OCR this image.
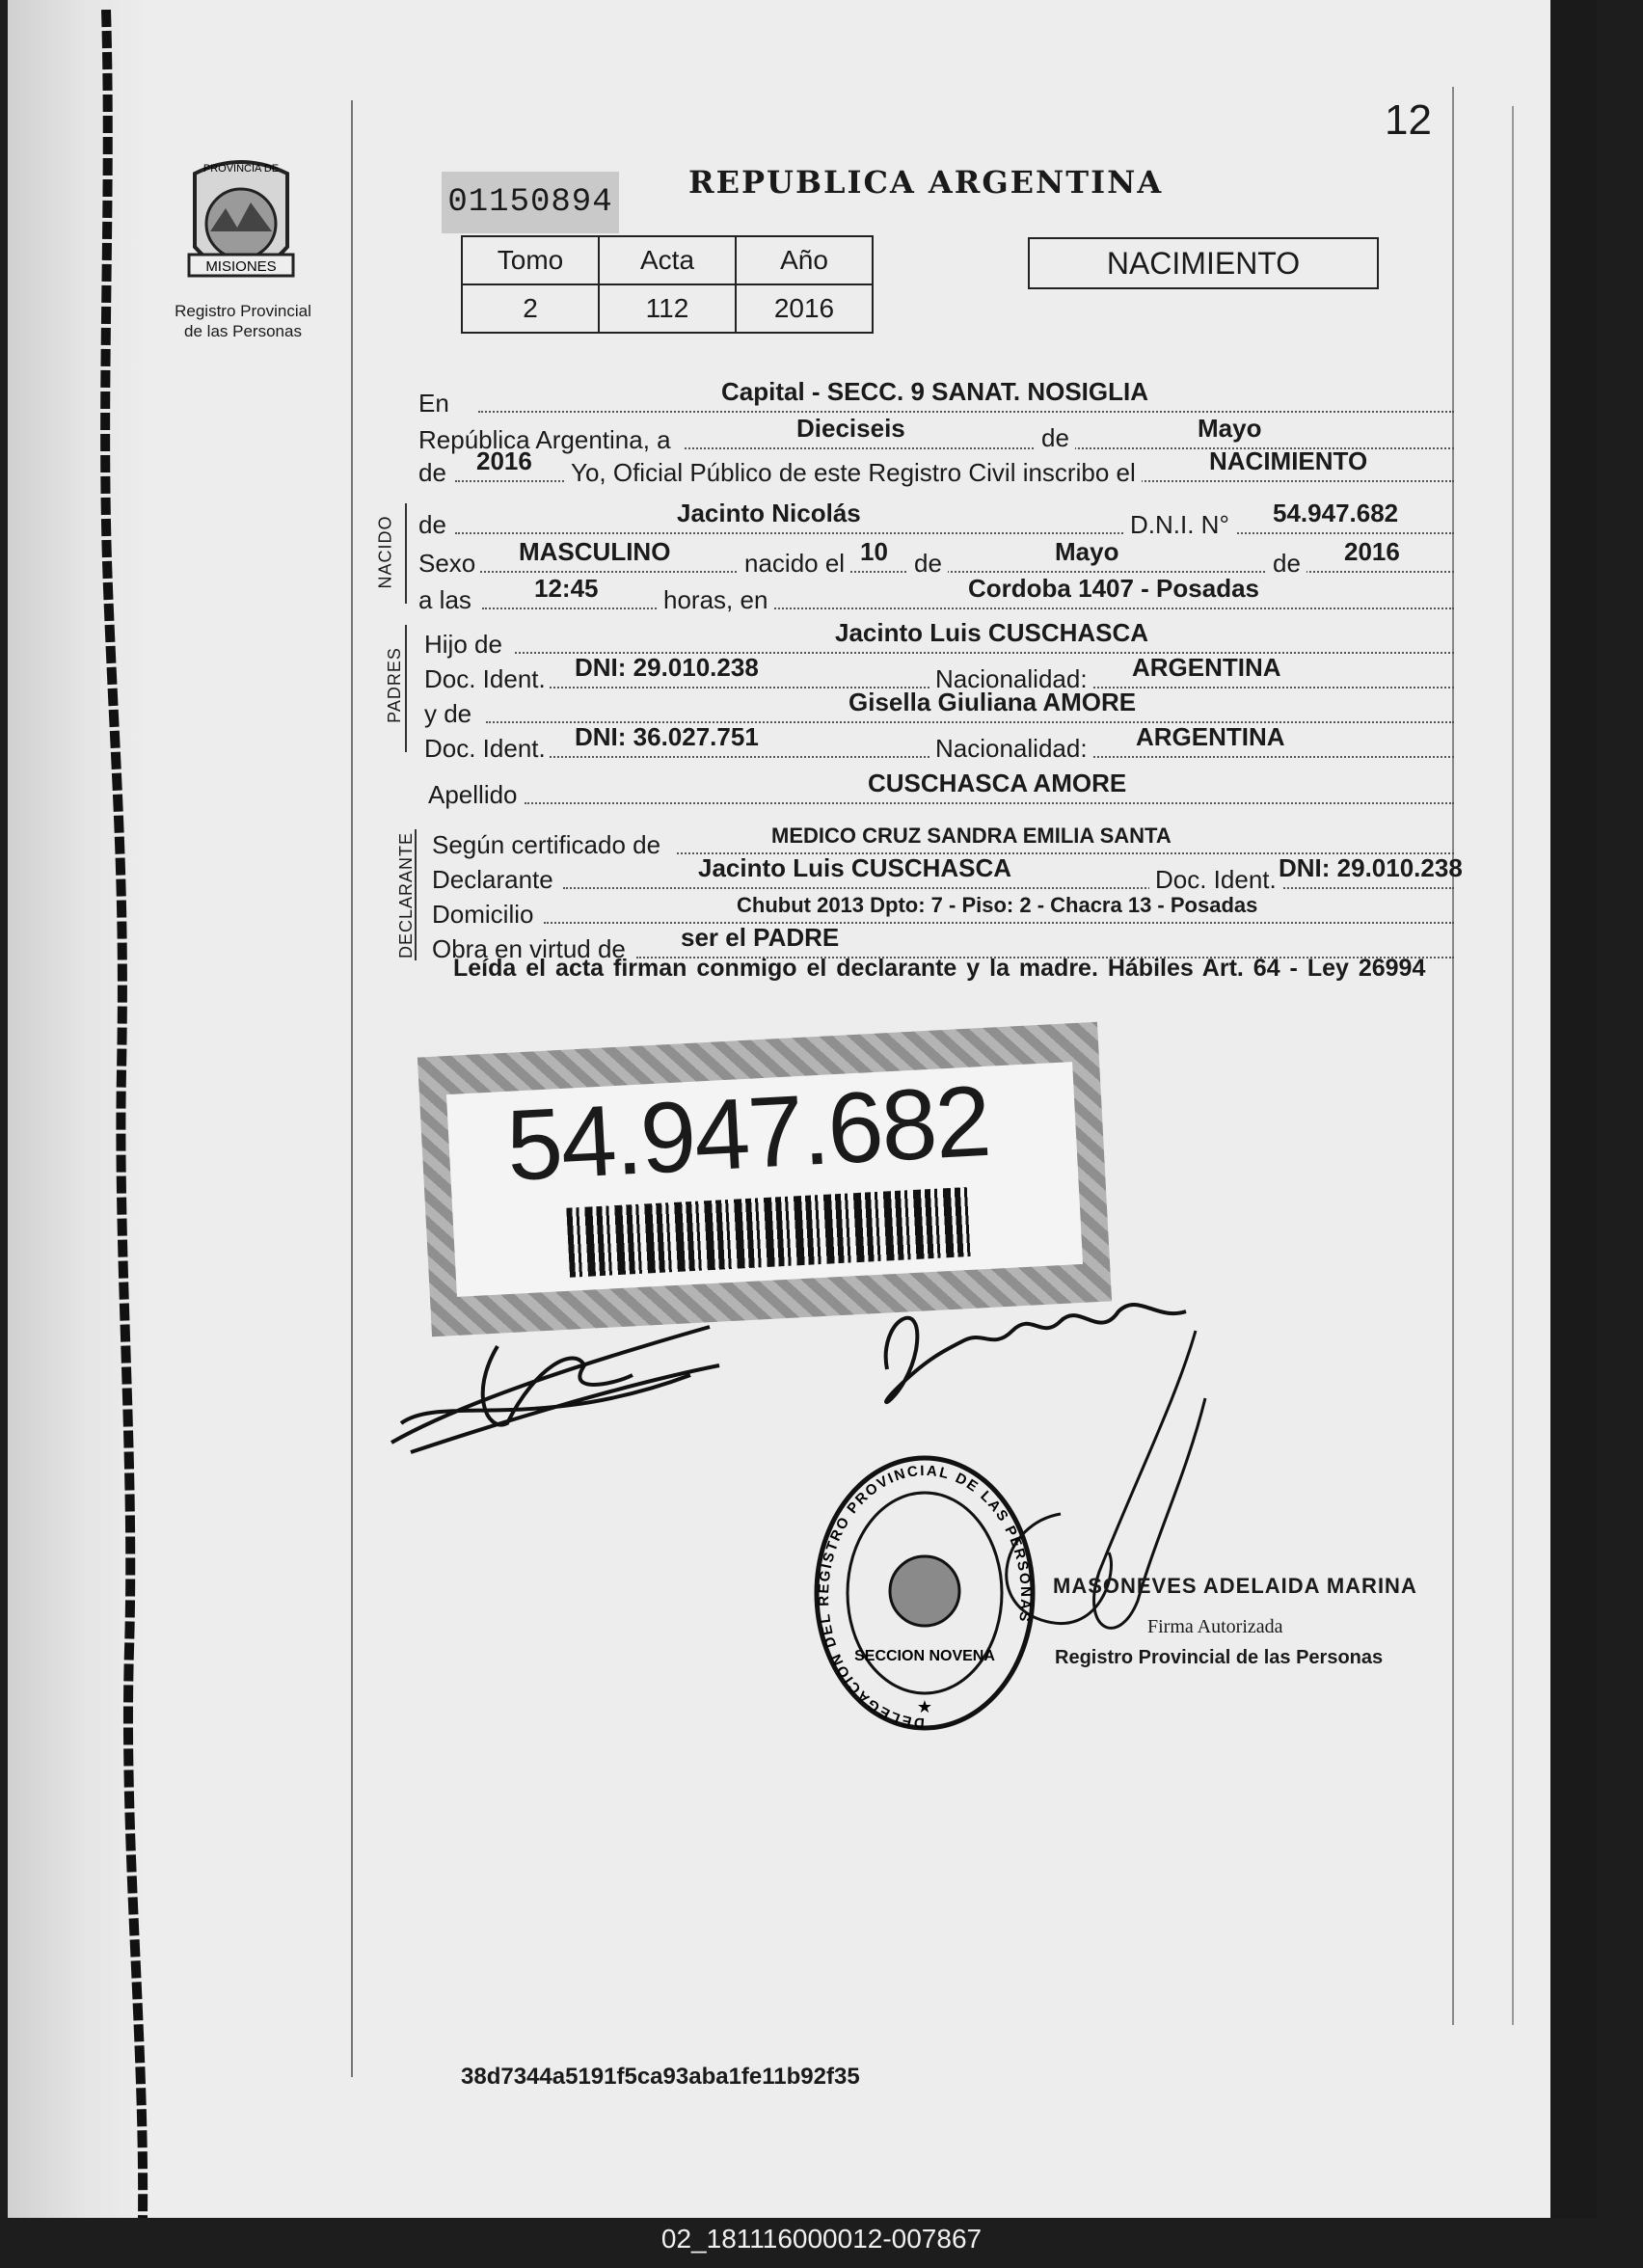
12
PROVINCIA DE
MISIONES
Registro Provincial
de las Personas
01150894
REPUBLICA ARGENTINA
Tomo	Acta	Año
2	112	2016
NACIMIENTO
En	Capital - SECC. 9 SANAT. NOSIGLIA
República Argentina, a	Dieciseis	de	Mayo
de 2016 Yo, Oficial Público de este Registro Civil inscribo el	NACIMIENTO
NACIDO de	Jacinto Nicolás	D.N.I. N° 54.947.682
Sexo MASCULINO	nacido el 10 de	Mayo	de 2016
a las	12:45	horas, en	Cordoba 1407 - Posadas
PADRES
Hijo de	Jacinto Luis CUSCHASCA
Doc. Ident. DNI: 29.010.238	Nacionalidad: ARGENTINA
y de	Gisella Giuliana AMORE
Doc. Ident. DNI: 36.027.751	Nacionalidad: ARGENTINA
Apellido	CUSCHASCA AMORE
DECLARANTE Según certificado de	MEDICO CRUZ SANDRA EMILIA SANTA
Declarante	Jacinto Luis CUSCHASCA	Doc. Ident. DNI: 29.010.238
Domicilio	Chubut 2013 Dpto: 7 - Piso: 2 - Chacra 13 - Posadas
Obra en virtud de ser el PADRE
Leída el acta firman conmigo el declarante y la madre. Hábiles Art. 64 - Ley 26994
54.947.682
DELEGACION DEL REGISTRO PROVINCIAL DE LAS PERSONAS
SECCION NOVENA
★
MASONEVES ADELAIDA MARINA
Firma Autorizada
Registro Provincial de las Personas
38d7344a5191f5ca93aba1fe11b92f35
02_181116000012-007867
